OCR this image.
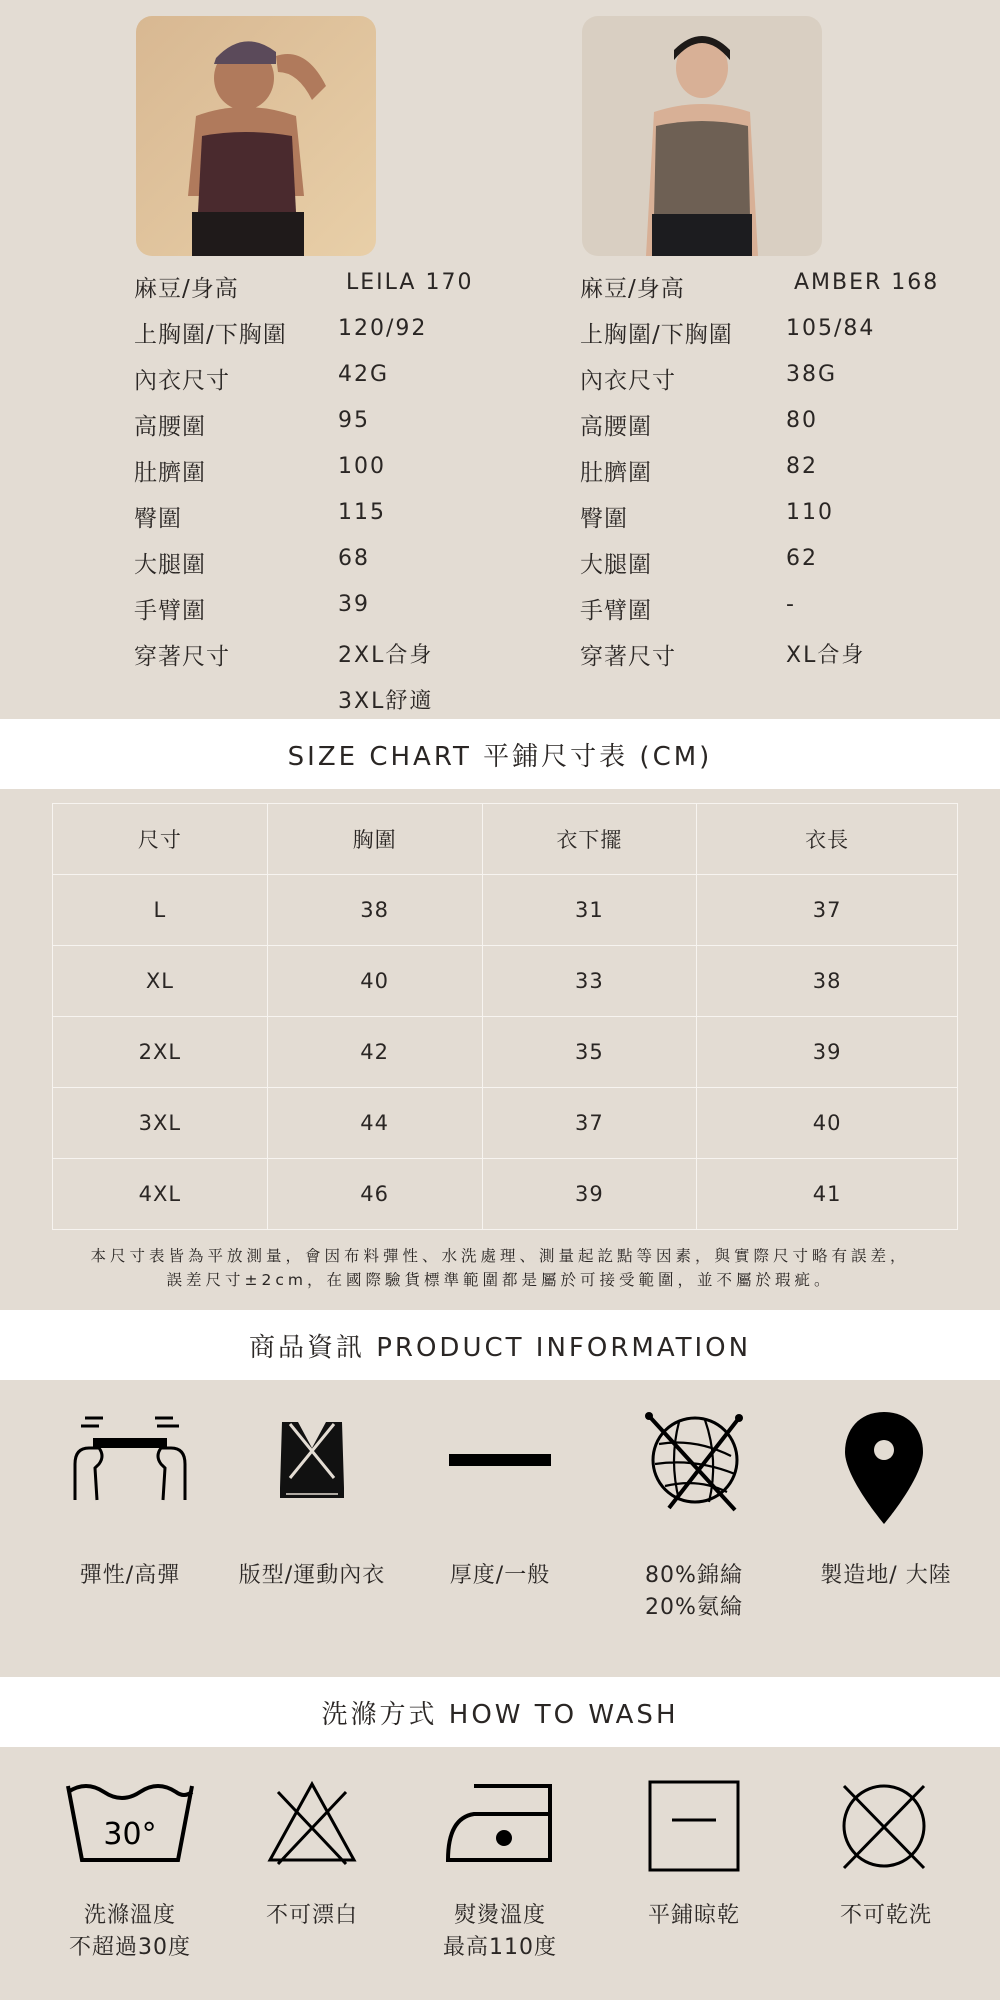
麻豆/身高	LEILA 170
上胸圍/下胸圍 120/92
內衣尺寸	42G
高腰圍	95
肚臍圍	100
臀圍	115
大腿圍	68
手臂圍	39
穿著尺寸	2XL合身
3XL舒適
麻豆/身高	AMBER 168
上胸圍/下胸圍 105/84
內衣尺寸	38G
高腰圍	80
肚臍圍	82
臀圍	110
大腿圍	62
手臂圍	-
穿著尺寸	XL合身
SIZE CHART 平鋪尺寸表 (CM)
尺寸	胸圍	衣下擺	衣長
L	38	31	37
XL	40	33	38
2XL	42	35	39
3XL	44	37	40
4XL	46	39	41
本尺寸表皆為平放測量，會因布料彈性、水洗處理、測量起訖點等因素，與實際尺寸略有誤差，
誤差尺寸±2cm，在國際驗貨標準範圍都是屬於可接受範圍，並不屬於瑕疵。
商品資訊 PRODUCT INFORMATION
彈性/高彈	版型/運動內衣	厚度/一般	80%錦綸
20%氨綸
製造地/ 大陸
洗滌方式 HOW TO WASH
30°
洗滌溫度
不超過30度
不可漂白	熨燙溫度
最高110度
平鋪晾乾	不可乾洗
